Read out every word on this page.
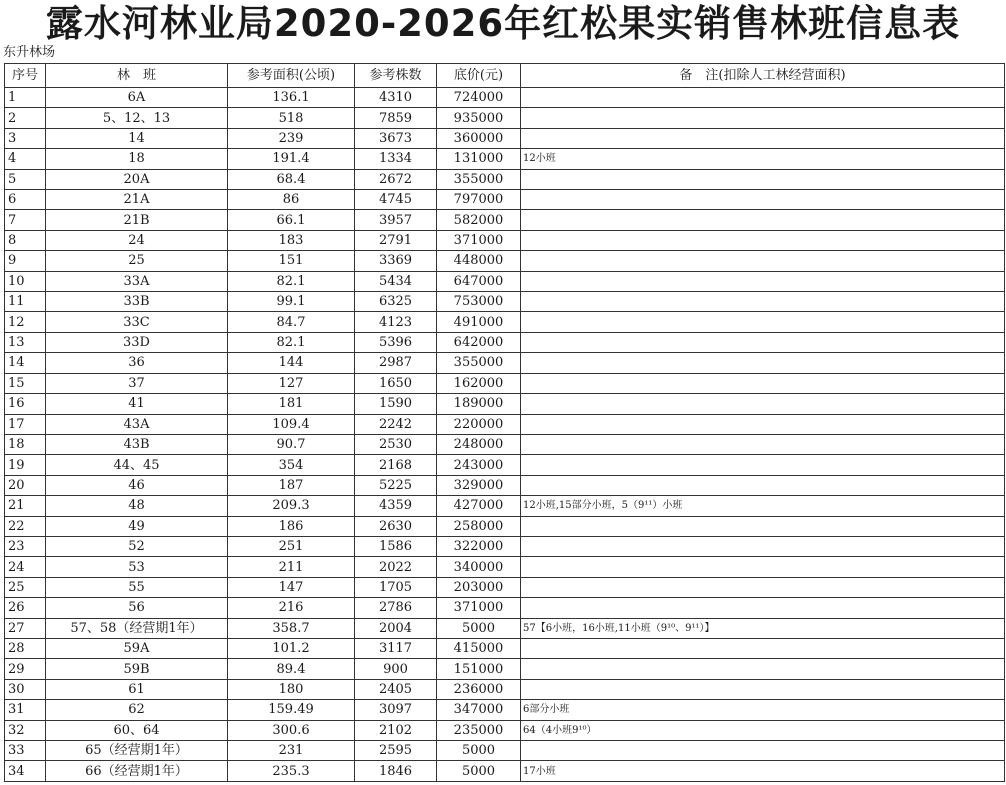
露水河林业局2020-2026年红松果实销售林班信息表
东升林场
序号	林　班	参考面积(公顷)	参考株数	底价(元)	备　注(扣除人工林经营面积)
1	6A	136.1	4310	724000	
2	5、12、13	518	7859	935000	
3	14	239	3673	360000	
4	18	191.4	1334	131000	12小班
5	20A	68.4	2672	355000	
6	21A	86	4745	797000	
7	21B	66.1	3957	582000	
8	24	183	2791	371000	
9	25	151	3369	448000	
10	33A	82.1	5434	647000	
11	33B	99.1	6325	753000	
12	33C	84.7	4123	491000	
13	33D	82.1	5396	642000	
14	36	144	2987	355000	
15	37	127	1650	162000	
16	41	181	1590	189000	
17	43A	109.4	2242	220000	
18	43B	90.7	2530	248000	
19	44、45	354	2168	243000	
20	46	187	5225	329000	
21	48	209.3	4359	427000	12小班,15部分小班，5（9¹¹）小班
22	49	186	2630	258000	
23	52	251	1586	322000	
24	53	211	2022	340000	
25	55	147	1705	203000	
26	56	216	2786	371000	
27	57、58（经营期1年）	358.7	2004	5000	57【6小班，16小班,11小班（9¹⁰、9¹¹）】
28	59A	101.2	3117	415000	
29	59B	89.4	900	151000	
30	61	180	2405	236000	
31	62	159.49	3097	347000	6部分小班
32	60、64	300.6	2102	235000	64（4小班9¹⁰）
33	65（经营期1年）	231	2595	5000	
34	66（经营期1年）	235.3	1846	5000	17小班
